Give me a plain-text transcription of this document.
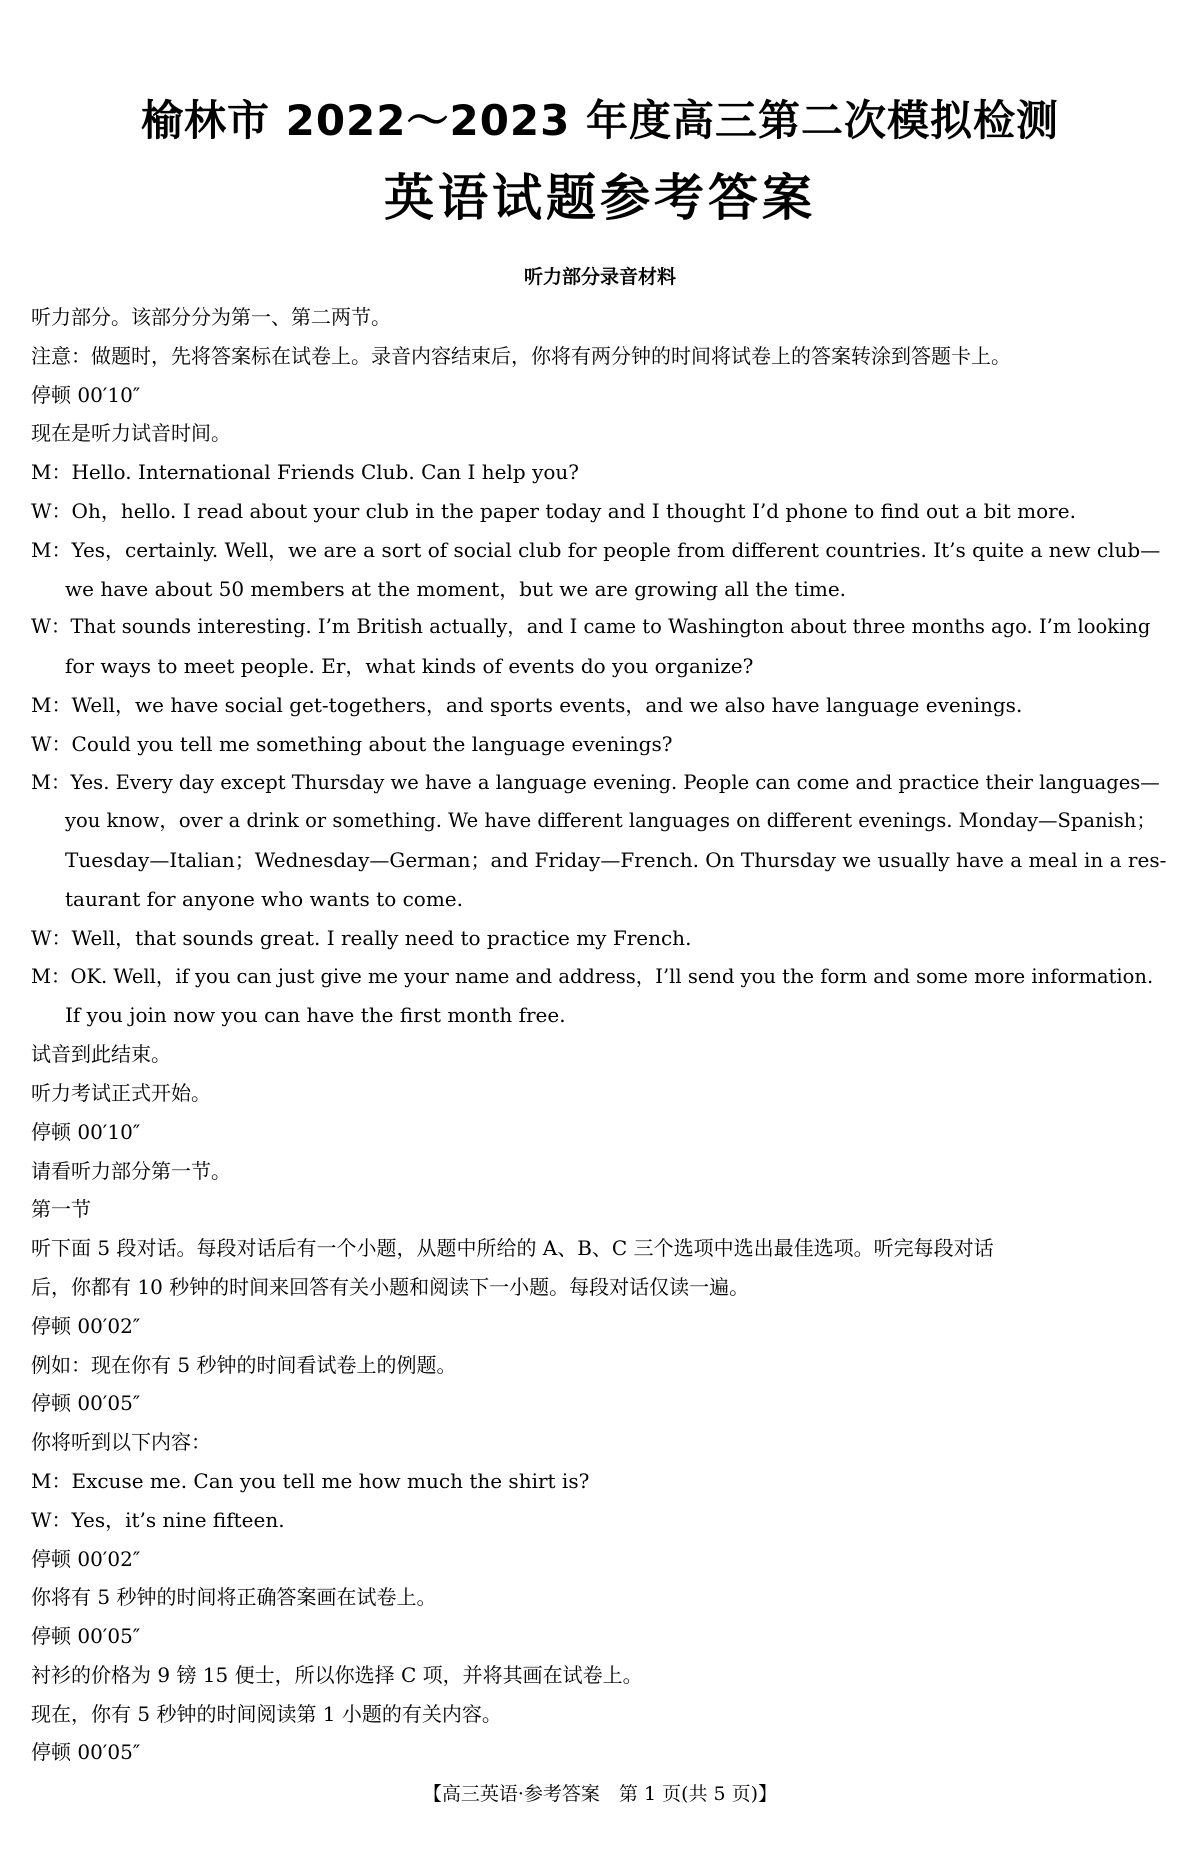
榆林市 2022～2023 年度高三第二次模拟检测
英语试题参考答案
听力部分录音材料

听力部分。该部分分为第一、第二两节。

注意：做题时，先将答案标在试卷上。录音内容结束后，你将有两分钟的时间将试卷上的答案转涂到答题卡上。

停顿 00′10″

现在是听力试音时间。

M：Hello. International Friends Club. Can I help you?

W：Oh，hello. I read about your club in the paper today and I thought I’d phone to find out a bit more.

M：Yes，certainly. Well，we are a sort of social club for people from different countries. It’s quite a new club—

we have about 50 members at the moment，but we are growing all the time.

W：That sounds interesting. I’m British actually，and I came to Washington about three months ago. I’m looking

for ways to meet people. Er，what kinds of events do you organize?

M：Well，we have social get-togethers，and sports events，and we also have language evenings.

W：Could you tell me something about the language evenings?

M：Yes. Every day except Thursday we have a language evening. People can come and practice their languages—

you know，over a drink or something. We have different languages on different evenings. Monday—Spanish；

Tuesday—Italian；Wednesday—German；and Friday—French. On Thursday we usually have a meal in a res-

taurant for anyone who wants to come.

W：Well，that sounds great. I really need to practice my French.

M：OK. Well，if you can just give me your name and address，I’ll send you the form and some more information.

If you join now you can have the first month free.

试音到此结束。

听力考试正式开始。

停顿 00′10″

请看听力部分第一节。

第一节

听下面 5 段对话。每段对话后有一个小题，从题中所给的 A、B、C 三个选项中选出最佳选项。听完每段对话

后，你都有 10 秒钟的时间来回答有关小题和阅读下一小题。每段对话仅读一遍。

停顿 00′02″

例如：现在你有 5 秒钟的时间看试卷上的例题。

停顿 00′05″

你将听到以下内容：

M：Excuse me. Can you tell me how much the shirt is?

W：Yes，it’s nine fifteen.

停顿 00′02″

你将有 5 秒钟的时间将正确答案画在试卷上。

停顿 00′05″

衬衫的价格为 9 镑 15 便士，所以你选择 C 项，并将其画在试卷上。

现在，你有 5 秒钟的时间阅读第 1 小题的有关内容。

停顿 00′05″

【高三英语·参考答案　第 1 页(共 5 页)】
